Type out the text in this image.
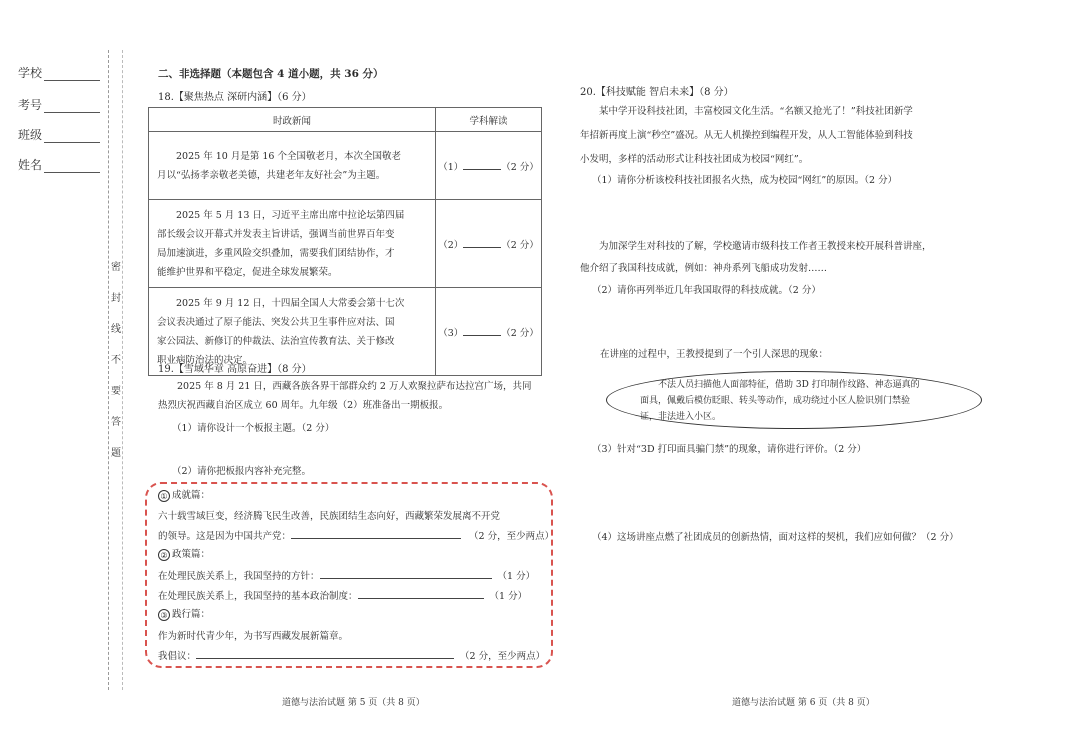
学校
考号
班级
姓名
密
封
线
不
要
答
题
二、非选择题（本题包含 4 道小题，共 36 分）
18.【聚焦热点 深研内涵】（6 分）
时政新闻	学科解读

2025 年 10 月是第 16 个全国敬老月，本次全国敬老
月以“弘扬孝亲敬老美德，共建老年友好社会”为主题。	（1） （2 分）

2025 年 5 月 13 日，习近平主席出席中拉论坛第四届
部长级会议开幕式并发表主旨讲话，强调当前世界百年变
局加速演进，多重风险交织叠加，需要我们团结协作，才
能维护世界和平稳定，促进全球发展繁荣。	（2） （2 分）

2025 年 9 月 12 日，十四届全国人大常委会第十七次
会议表决通过了原子能法、突发公共卫生事件应对法、国
家公园法、新修订的仲裁法、法治宣传教育法、关于修改
职业病防治法的决定。	（3） （2 分）
19.【雪域华章 高原奋进】（8 分）
2025 年 8 月 21 日，西藏各族各界干部群众约 2 万人欢聚拉萨布达拉宫广场，共同
热烈庆祝西藏自治区成立 60 周年。九年级（2）班准备出一期板报。
（1）请你设计一个板报主题。（2 分）
（2）请你把板报内容补充完整。
① 成就篇：
六十载雪域巨变，经济腾飞民生改善，民族团结生态向好，西藏繁荣发展离不开党
的领导。这是因为中国共产党：	（2 分，至少两点）
② 政策篇：
在处理民族关系上，我国坚持的方针：	（1 分）
在处理民族关系上，我国坚持的基本政治制度：	（1 分）
③ 践行篇：
作为新时代青少年，为书写西藏发展新篇章。
我倡议：	（2 分，至少两点）
道德与法治试题 第 5 页（共 8 页）
20.【科技赋能 智启未来】（8 分）
某中学开设科技社团，丰富校园文化生活。“名额又抢光了！”科技社团新学
年招新再度上演“秒空”盛况。从无人机操控到编程开发，从人工智能体验到科技
小发明，多样的活动形式让科技社团成为校园“网红”。
（1）请你分析该校科技社团报名火热，成为校园“网红”的原因。（2 分）
为加深学生对科技的了解，学校邀请市级科技工作者王教授来校开展科普讲座，
他介绍了我国科技成就，例如：神舟系列飞船成功发射……
（2）请你再列举近几年我国取得的科技成就。（2 分）
在讲座的过程中，王教授提到了一个引人深思的现象：
不法人员扫描他人面部特征，借助 3D 打印制作纹路、神态逼真的
面具，佩戴后模仿眨眼、转头等动作，成功绕过小区人脸识别门禁验
证，非法进入小区。
（3）针对“3D 打印面具骗门禁”的现象，请你进行评价。（2 分）
（4）这场讲座点燃了社团成员的创新热情，面对这样的契机，我们应如何做？（2 分）
道德与法治试题 第 6 页（共 8 页）
